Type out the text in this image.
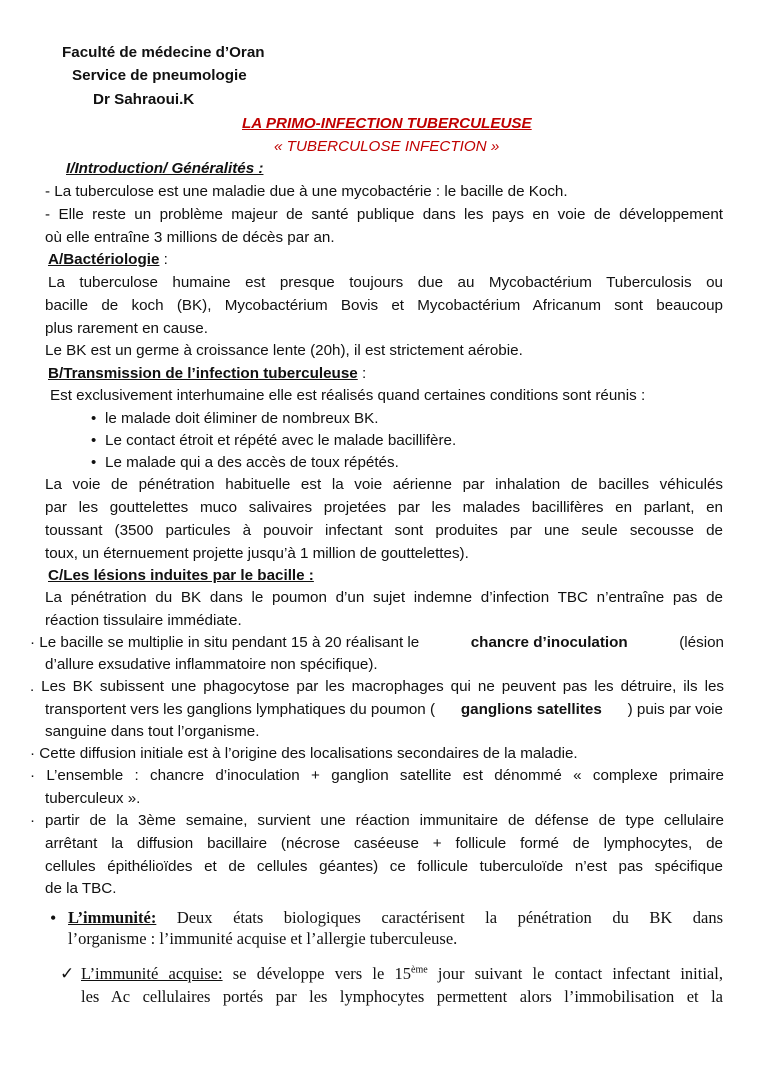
Faculté de médecine d’Oran
Service de pneumologie
Dr Sahraoui.K
LA PRIMO-INFECTION TUBERCULEUSE
« TUBERCULOSE INFECTION »
I/Introduction/ Généralités :
- La tuberculose est une maladie due à une mycobactérie : le bacille de Koch.
- Elle reste un problème majeur de santé publique dans les pays en voie de développement
où elle entraîne 3 millions de décès par an.
A/Bactériologie :
La tuberculose humaine est presque toujours due au Mycobactérium Tuberculosis ou
bacille de koch (BK), Mycobactérium Bovis et Mycobactérium Africanum sont beaucoup
plus rarement en cause.
Le BK est un germe à croissance lente (20h), il est strictement aérobie.
B/Transmission de l’infection tuberculeuse :
Est exclusivement interhumaine elle est réalisés quand certaines conditions sont réunis :
• le malade doit éliminer de nombreux BK.
• Le contact étroit et répété avec le malade bacillifère.
• Le malade qui a des accès de toux répétés.
La voie de pénétration habituelle est la voie aérienne par inhalation de bacilles véhiculés
par les gouttelettes muco salivaires projetées par les malades bacillifères en parlant, en
toussant (3500 particules à pouvoir infectant sont produites par une seule secousse de
toux, un éternuement projette jusqu’à 1 million de gouttelettes).
C/Les lésions induites par le bacille :
La pénétration du BK dans le poumon d’un sujet indemne d’infection TBC n’entraîne pas de
réaction tissulaire immédiate.
· Le bacille se multiplie in situ pendant 15 à 20 réalisant le	chancre d’inoculation	(lésion
d’allure exsudative inflammatoire non spécifique).
. Les BK subissent une phagocytose par les macrophages qui ne peuvent pas les détruire, ils les
transportent vers les ganglions lymphatiques du poumon ( ganglions satellites ) puis par voie
sanguine dans tout l’organisme.
· Cette diffusion initiale est à l’origine des localisations secondaires de la maladie.
· L’ensemble : chancre d’inoculation + ganglion satellite est dénommé « complexe primaire
tuberculeux ».
· partir de la 3ème semaine, survient une réaction immunitaire de défense de type cellulaire
arrêtant la diffusion bacillaire (nécrose caséeuse + follicule formé de lymphocytes, de
cellules épithélioïdes et de cellules géantes) ce follicule tuberculoïde n’est pas spécifique
de la TBC.
• L’immunité: Deux états biologiques caractérisent la pénétration du BK dans
l’organisme : l’immunité acquise et l’allergie tuberculeuse.
✓ L’immunité acquise: se développe vers le 15ème jour suivant le contact infectant initial,
les Ac cellulaires portés par les lymphocytes permettent alors l’immobilisation et la
